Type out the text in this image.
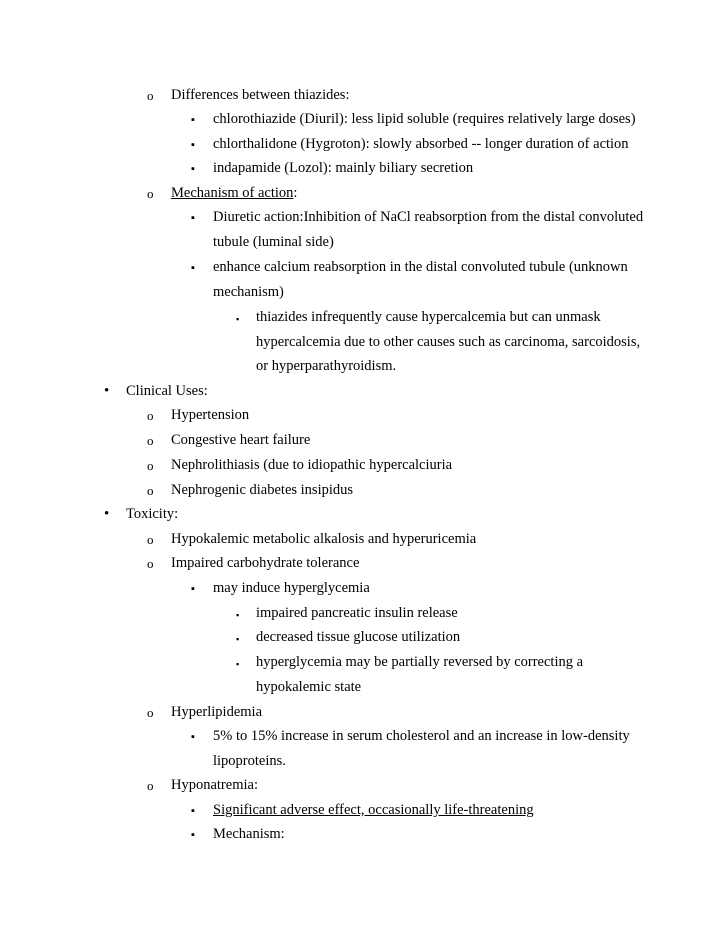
o Differences between thiazides:
▪ chlorothiazide (Diuril): less lipid soluble (requires relatively large doses)
▪ chlorthalidone (Hygroton): slowly absorbed -- longer duration of action
▪ indapamide (Lozol): mainly biliary secretion
o Mechanism of action:
▪ Diuretic action:Inhibition of NaCl reabsorption from the distal convoluted
tubule (luminal side)
▪ enhance calcium reabsorption in the distal convoluted tubule (unknown
mechanism)
▪ thiazides infrequently cause hypercalcemia but can unmask
hypercalcemia due to other causes such as carcinoma, sarcoidosis,
or hyperparathyroidism.
• Clinical Uses:
o Hypertension
o Congestive heart failure
o Nephrolithiasis (due to idiopathic hypercalciuria
o Nephrogenic diabetes insipidus
• Toxicity:
o Hypokalemic metabolic alkalosis and hyperuricemia
o Impaired carbohydrate tolerance
▪ may induce hyperglycemia
▪ impaired pancreatic insulin release
▪ decreased tissue glucose utilization
▪ hyperglycemia may be partially reversed by correcting a
hypokalemic state
o Hyperlipidemia
▪ 5% to 15% increase in serum cholesterol and an increase in low-density
lipoproteins.
o Hyponatremia:
▪ Significant adverse effect, occasionally life-threatening
▪ Mechanism:
